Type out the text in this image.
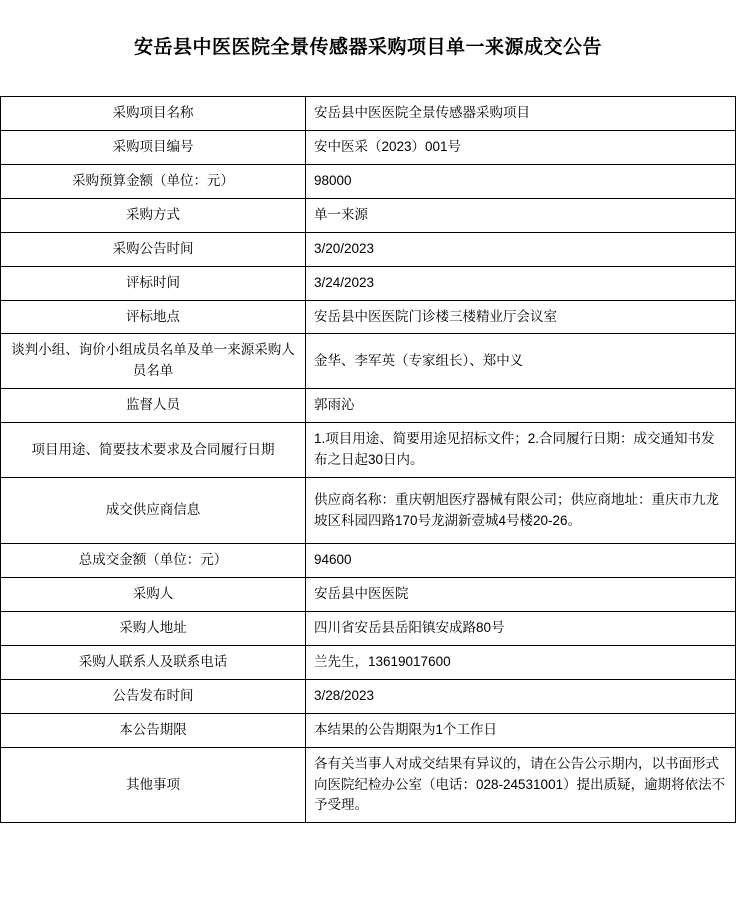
安岳县中医医院全景传感器采购项目单一来源成交公告
采购项目名称	安岳县中医医院全景传感器采购项目
采购项目编号	安中医采（2023）001号
采购预算金额（单位：元）	98000
采购方式	单一来源
采购公告时间	3/20/2023
评标时间	3/24/2023
评标地点	安岳县中医医院门诊楼三楼精业厅会议室
谈判小组、询价小组成员名单及单一来源采购人员名单	金华、李军英（专家组长）、郑中义
监督人员	郭雨沁
项目用途、简要技术要求及合同履行日期	1.项目用途、简要用途见招标文件；2.合同履行日期：成交通知书发布之日起30日内。
成交供应商信息	供应商名称：重庆朝旭医疗器械有限公司；供应商地址：重庆市九龙坡区科园四路170号龙湖新壹城4号楼20-26。
总成交金额（单位：元）	94600
采购人	安岳县中医医院
采购人地址	四川省安岳县岳阳镇安成路80号
采购人联系人及联系电话	兰先生，13619017600
公告发布时间	3/28/2023
本公告期限	本结果的公告期限为1个工作日
其他事项	各有关当事人对成交结果有异议的，请在公告公示期内，以书面形式向医院纪检办公室（电话：028-24531001）提出质疑，逾期将依法不予受理。
